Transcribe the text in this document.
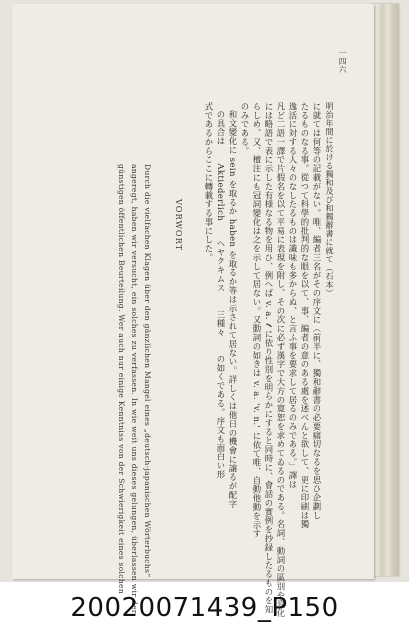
一四六
明治年間に於ける獨和及び和獨辭書に就て（石本）
に就ては何等の記載がない。唯、編者三名がその序文に（前半に、獨和辭書の必要痛切なるを思ひ企劃し
たるものなる事。從つて科學的批判的な眼を以て、事、編者の意のある處を述べんと欲して、更に印刷は獨
逸活に対する人々のなしたるものは識味も多からぬ、と言ふ事を要求して居るのみである。」譯は
凡ど二語一譯で片假名を以て平易に表現を附し、その次に必ず漢字で大方の寛恕を求めてゐるのである。名詞、動詞の區別や変化
には略語で表に示した有様なる物を用ひ、例へば v. a. 𝓉 に依り性別を明らかにすると同時に、會話の實例を抄録したるものを知
らしめ、又、檀注にも冠詞變化は之を示して居ない。又動詞の如きは v. a. 'v. n.' に依て唯、自動他動を示す
のみである。
和文變化に sein を取るか haben を取るか等は示されて居ない。詳しくは他日の機會に譲るが配字
の具合は　　Aktiederlich　　ヘヤクキムス　　三種々　　の如くである。序文も面白い形
式であるからここに轉載する事にした。
VORWORT
Durch die vielfachen Klagen über den gänzlichen Mangel eines „deutsch-japanischen Wörterbuchs“
angeregt, haben wir versucht, ein solches zu verfassen. In wie weit uns dieses gelungen, überlassen wir der
günstigen öffentlichen Beurteilung. Wer auch nur einige Kenntniss von der Schwierigkeit eines solchen
20020071439_P150
